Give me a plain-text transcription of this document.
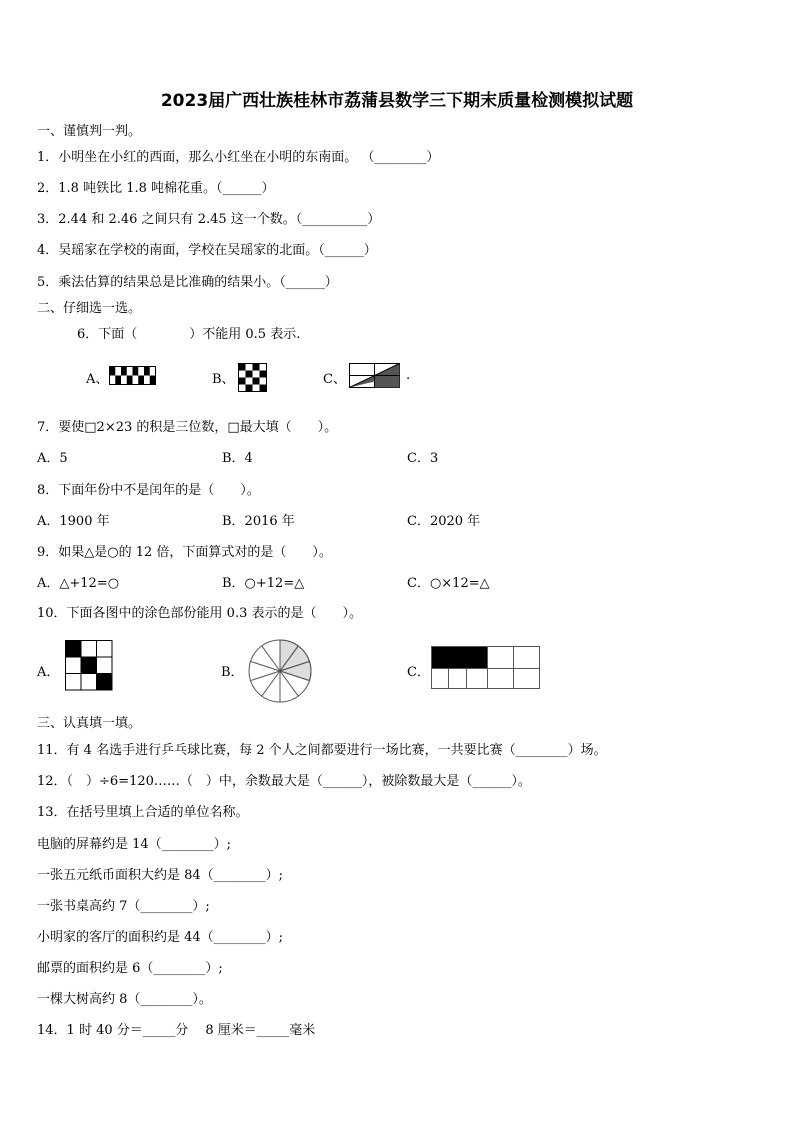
2023届广西壮族桂林市荔蒲县数学三下期末质量检测模拟试题
一、谨慎判一判。
1．小明坐在小红的西面，那么小红坐在小明的东南面。 （________）
2．1.8 吨铁比 1.8 吨棉花重。（______）
3．2.44 和 2.46 之间只有 2.45 这一个数。（__________）
4．吴瑶家在学校的南面，学校在吴瑶家的北面。（______）
5．乘法估算的结果总是比准确的结果小。（______）
二、仔细选一选。
6．下面（　　　　）不能用 0.5 表示.
A、	B、	C、	.
7．要使□2×23 的积是三位数，□最大填（　　）。
A．5	B．4	C．3
8．下面年份中不是闰年的是（　　）。
A．1900 年	B．2016 年	C．2020 年
9．如果△是○的 12 倍，下面算式对的是（　　）。
A．△+12=○	B．○+12=△	C．○×12=△
10．下面各图中的涂色部份能用 0.3 表示的是（　　）。
A．	B．	C．
三、认真填一填。
11．有 4 名选手进行乒乓球比赛，每 2 个人之间都要进行一场比赛，一共要比赛（________）场。
12．（　）÷6=120……（　）中，余数最大是（______），被除数最大是（______）。
13．在括号里填上合适的单位名称。
电脑的屏幕约是 14（________）;
一张五元纸币面积大约是 84（________）;
一张书桌高约 7（________）;
小明家的客厅的面积约是 44（________）;
邮票的面积约是 6（________）;
一棵大树高约 8（________）。
14．1 时 40 分＝_____分　 8 厘米＝_____毫米
